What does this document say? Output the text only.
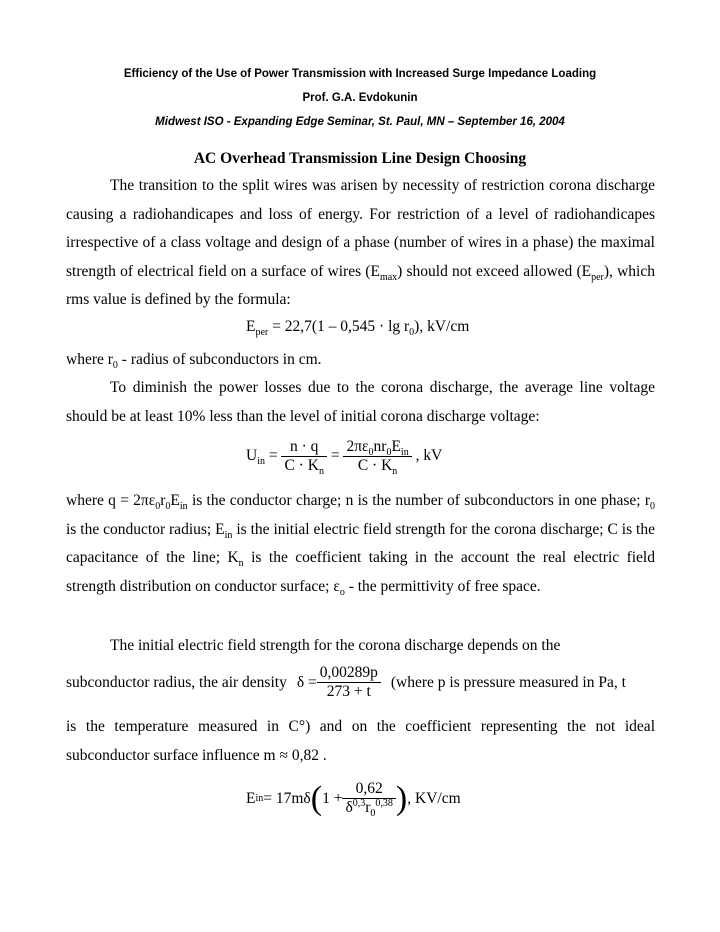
Efficiency of the Use of Power Transmission with Increased Surge Impedance Loading
Prof. G.A. Evdokunin
Midwest ISO - Expanding Edge Seminar, St. Paul, MN – September 16, 2004
AC Overhead Transmission Line Design Choosing

The transition to the split wires was arisen by necessity of restriction corona discharge causing a radiohandicapes and loss of energy. For restriction of a level of radiohandicapes irrespective of a class voltage and design of a phase (number of wires in a phase) the maximal strength of electrical field on a surface of wires $(E_{max})$ should not exceed allowed $(E_{per})$, which rms value is defined by the formula:

$E_{per} = 22,7(1 - 0,545 \cdot \lg r_0)$, kV/cm

where $r_0$ - radius of subconductors in cm.

To diminish the power losses due to the corona discharge, the average line voltage should be at least 10% less than the level of initial corona discharge voltage:

$U_{in} = \frac{n \cdot q}{C \cdot K_n} = \frac{2\pi\varepsilon_0nr_0E_{in}}{C \cdot K_n}$ , kV

where $q = 2\pi\varepsilon_0r_0E_{in}$ is the conductor charge; n is the number of subconductors in one phase; $r_0$ is the conductor radius; $E_{in}$ is the initial electric field strength for the corona discharge; C is the capacitance of the line; $K_n$ is the coefficient taking in the account the real electric field strength distribution on conductor surface; $\varepsilon_o$ - the permittivity of free space.

The initial electric field strength for the corona discharge depends on the

subconductor radius, the air density $\delta = \frac{0,00289p}{273 + t}$ (where p is pressure measured in Pa, t

is the temperature measured in C°) and on the coefficient representing the not ideal subconductor surface influence m ≈ 0,82 .

E in = 17mδ ( $1 + \frac{0,62}{\delta^{0,3}r_0^{0,38}}$ ) , KV/cm
